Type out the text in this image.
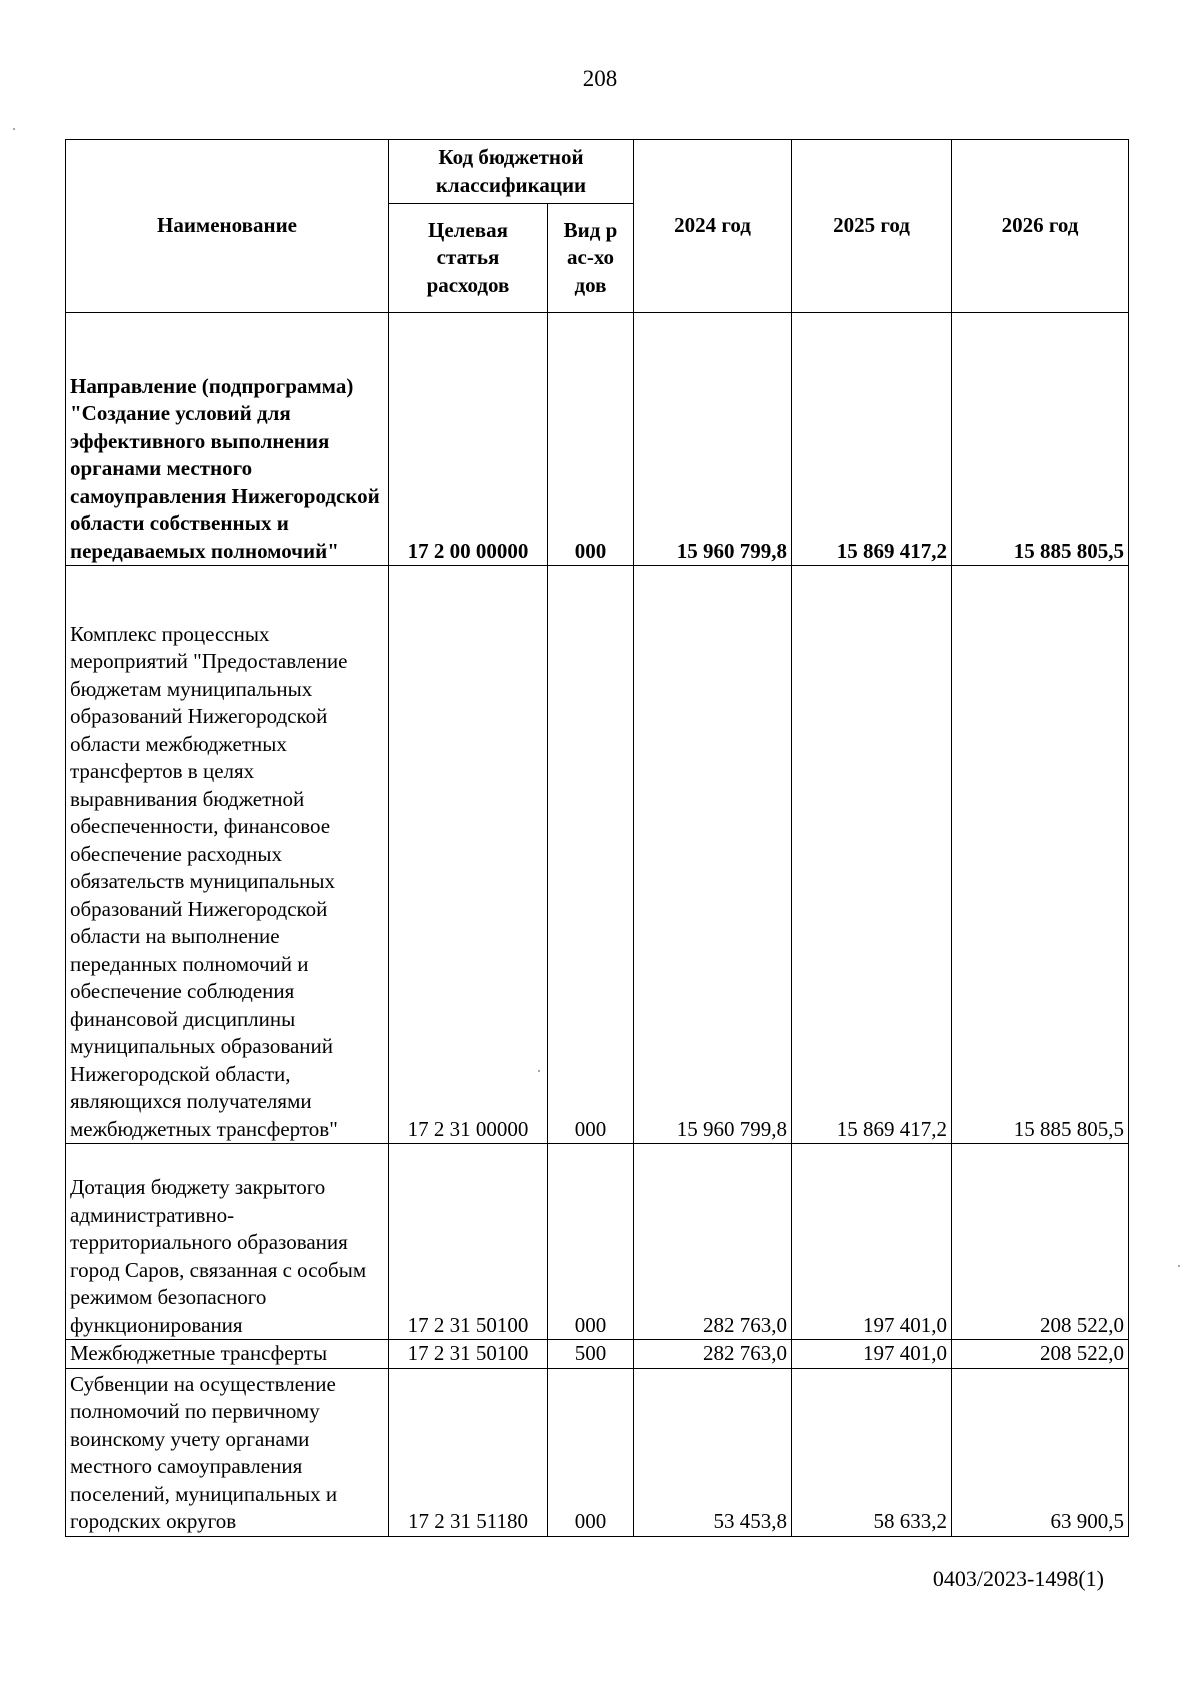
208
Наименование	Код бюджетной классификации		2024 год	2025 год	2026 год
	Целевая статья расходов	Вид рас-ходов			
Направление (подпрограмма) "Создание условий для эффективного выполнения органами местного самоуправления Нижегородской области собственных и передаваемых полномочий"	17 2 00 00000	000	15 960 799,8	15 869 417,2	15 885 805,5
Комплекс процессных мероприятий "Предоставление бюджетам муниципальных образований Нижегородской области межбюджетных трансфертов в целях выравнивания бюджетной обеспеченности, финансовое обеспечение расходных обязательств муниципальных образований Нижегородской области на выполнение переданных полномочий и обеспечение соблюдения финансовой дисциплины муниципальных образований Нижегородской области, являющихся получателями межбюджетных трансфертов"	17 2 31 00000	000	15 960 799,8	15 869 417,2	15 885 805,5
Дотация бюджету закрытого административно-территориального образования город Саров, связанная с особым режимом безопасного функционирования	17 2 31 50100	000	282 763,0	197 401,0	208 522,0
Межбюджетные трансферты	17 2 31 50100	500	282 763,0	197 401,0	208 522,0
Субвенции на осуществление полномочий по первичному воинскому учету органами местного самоуправления поселений, муниципальных и городских округов	17 2 31 51180	000	53 453,8	58 633,2	63 900,5
0403/2023-1498(1)
